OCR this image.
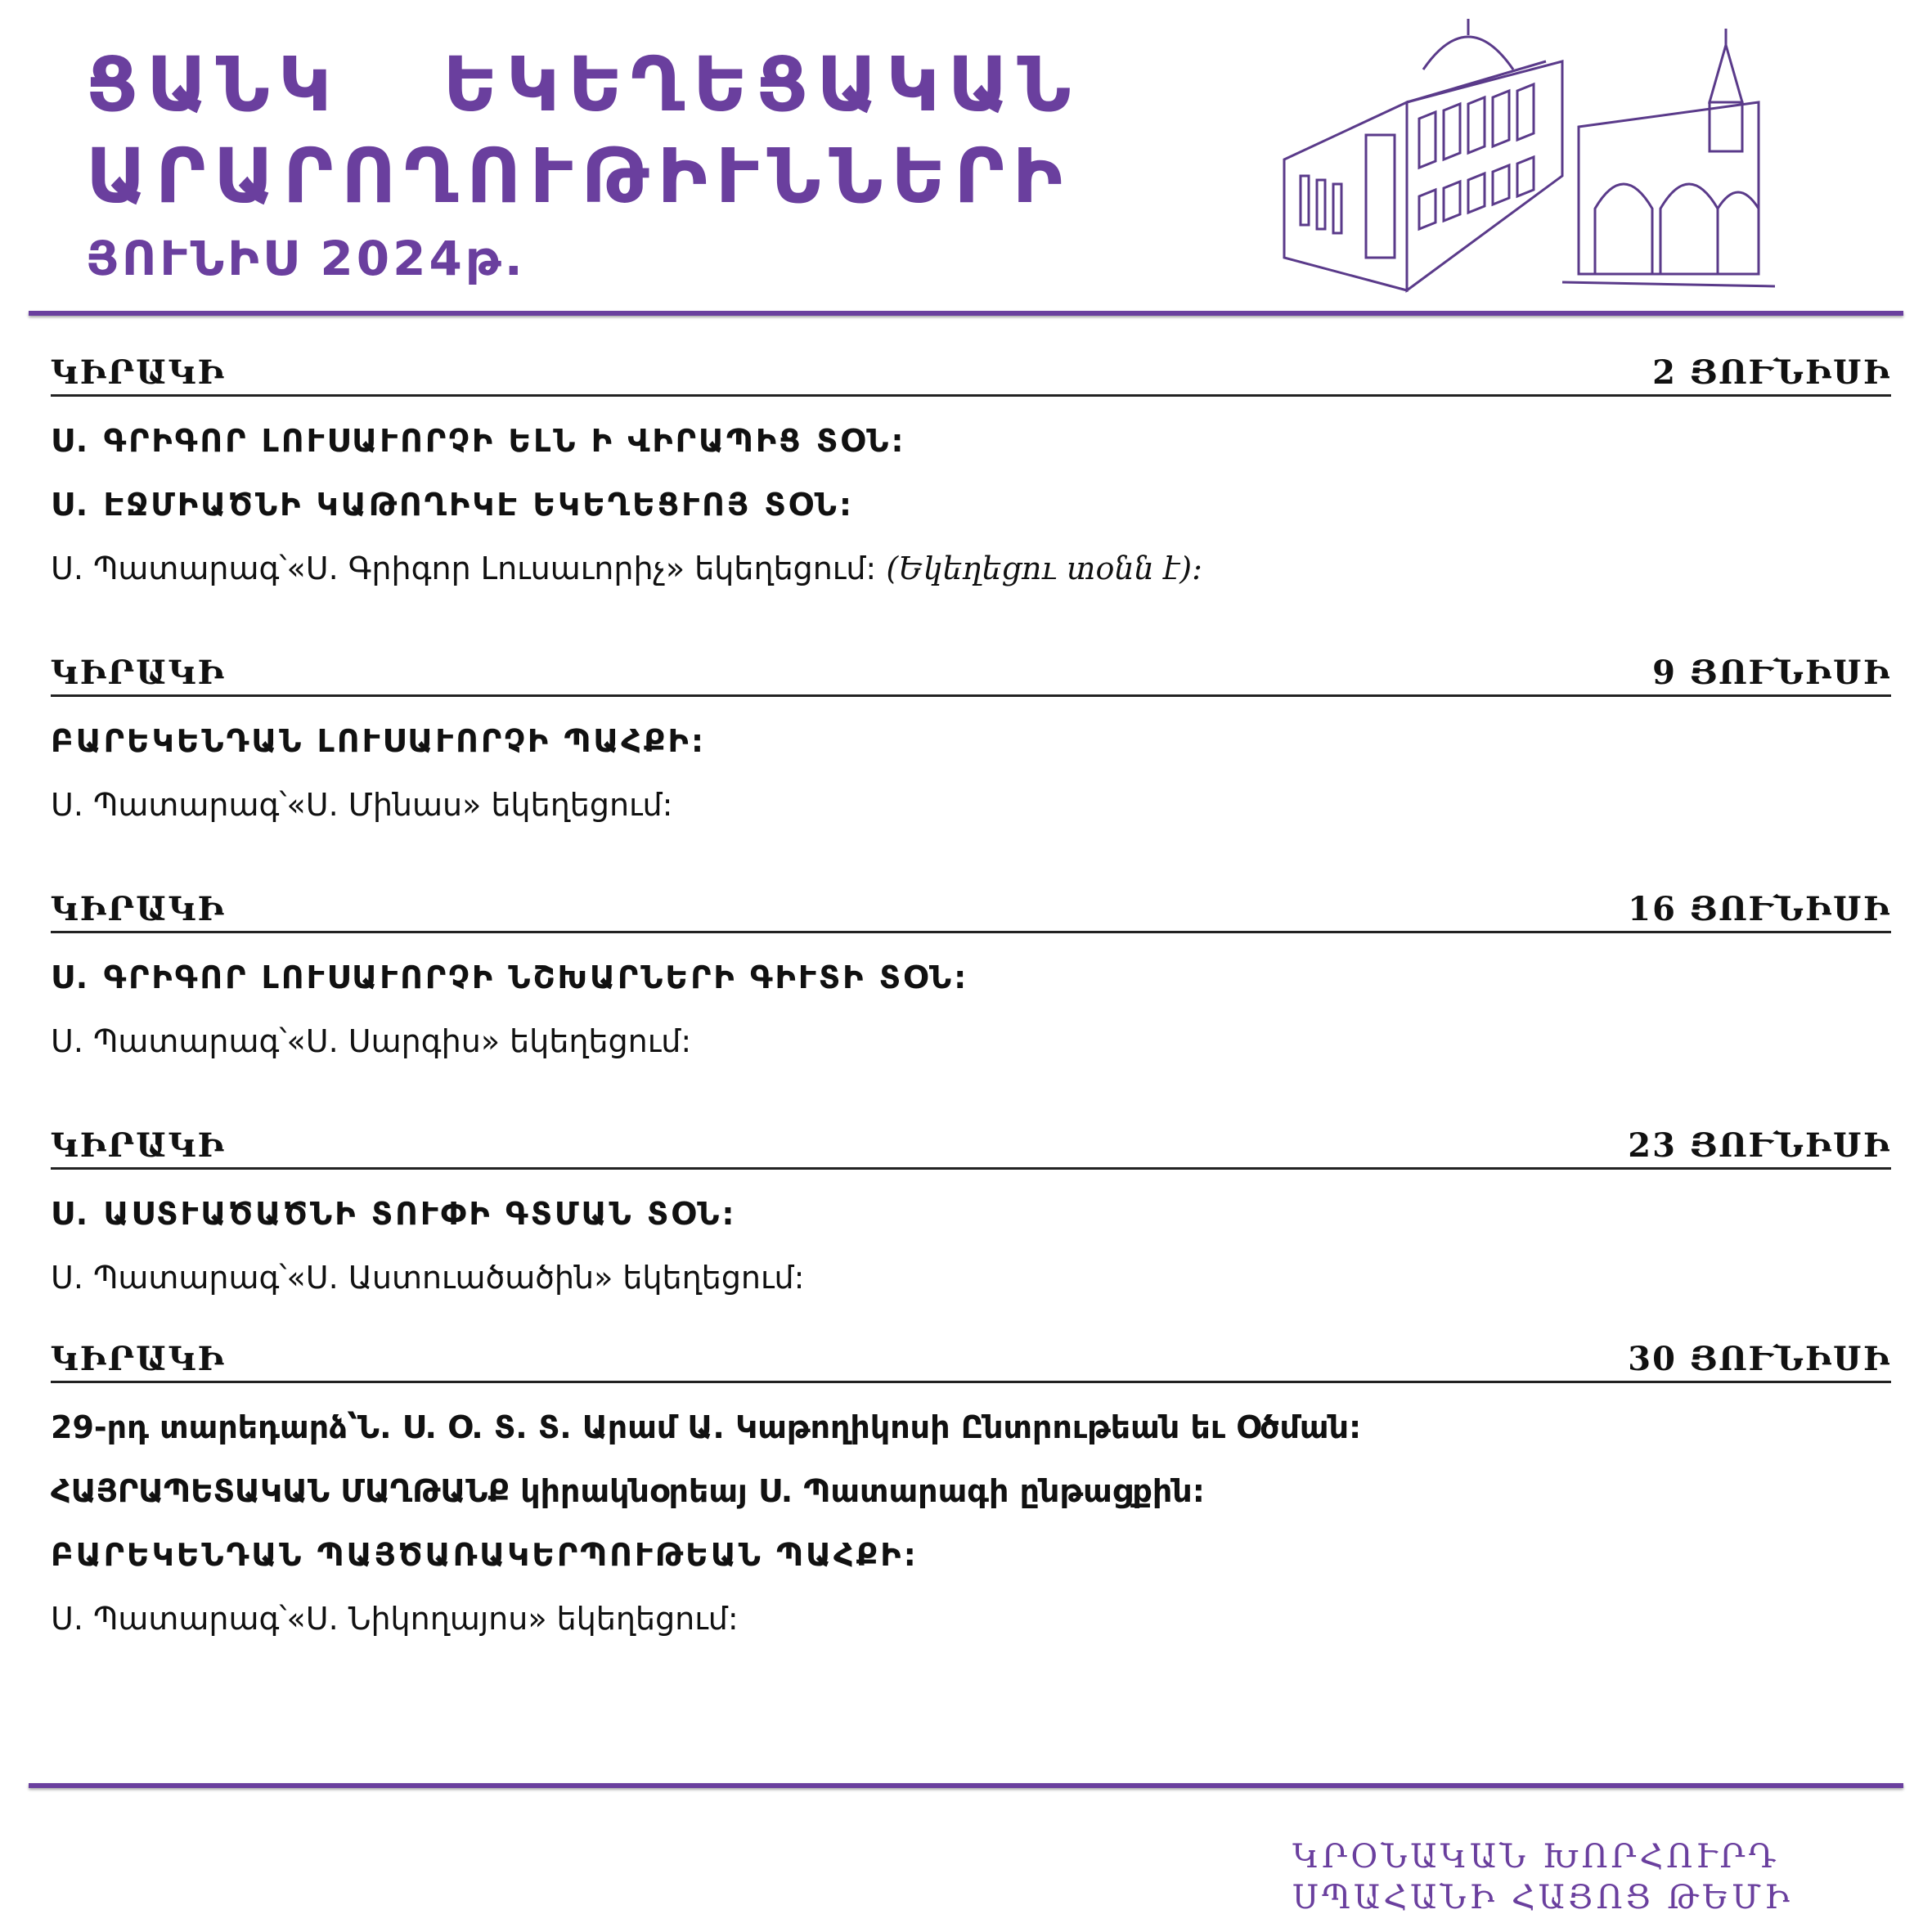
ՑԱՆԿ   ԵԿԵՂԵՑԱԿԱՆ
ԱՐԱՐՈՂՈՒԹԻՒՆՆԵՐԻ
ՅՈՒՆԻՍ 2024թ.
ԿԻՐԱԿԻ	2 ՅՈՒՆԻՍԻ
Ս. ԳՐԻԳՈՐ ԼՈՒՍԱՒՈՐՉԻ ԵԼՆ Ի ՎԻՐԱՊԻՑ ՏՕՆ:
Ս. ԷՋՄԻԱԾՆԻ ԿԱԹՈՂԻԿԷ ԵԿԵՂԵՑՒՈՅ ՏՕՆ:
Ս. Պատարագ՝«Ս. Գրիգոր Լուսաւորիչ» եկեղեցում: (Եկեղեցու տօնն է):
ԿԻՐԱԿԻ	9 ՅՈՒՆԻՍԻ
ԲԱՐԵԿԵՆԴԱՆ ԼՈՒՍԱՒՈՐՉԻ ՊԱՀՔԻ:
Ս. Պատարագ՝«Ս. Մինաս» եկեղեցում:
ԿԻՐԱԿԻ	16 ՅՈՒՆԻՍԻ
Ս. ԳՐԻԳՈՐ ԼՈՒՍԱՒՈՐՉԻ ՆՇԽԱՐՆԵՐԻ ԳԻՒՏԻ ՏՕՆ:
Ս. Պատարագ՝«Ս. Սարգիս» եկեղեցում:
ԿԻՐԱԿԻ	23 ՅՈՒՆԻՍԻ
Ս. ԱՍՏՒԱԾԱԾՆԻ ՏՈՒՓԻ ԳՏՄԱՆ ՏՕՆ:
Ս. Պատարագ՝«Ս. Աստուածածին» եկեղեցում:
ԿԻՐԱԿԻ	30 ՅՈՒՆԻՍԻ
29-րդ տարեդարձ՝Ն. Ս. Օ. Տ. Տ. Արամ Ա. Կաթողիկոսի Ընտրութեան եւ Օծման:
ՀԱՅՐԱՊԵՏԱԿԱՆ ՄԱՂԹԱՆՔ կիրակնօրեայ Ս. Պատարագի ընթացքին:
ԲԱՐԵԿԵՆԴԱՆ ՊԱՅԾԱՌԱԿԵՐՊՈՒԹԵԱՆ ՊԱՀՔԻ:
Ս. Պատարագ՝«Ս. Նիկողայոս» եկեղեցում:
ԿՐՕՆԱԿԱՆ ԽՈՐՀՈՒՐԴ
ՍՊԱՀԱՆԻ ՀԱՅՈՑ ԹԵՄԻ
